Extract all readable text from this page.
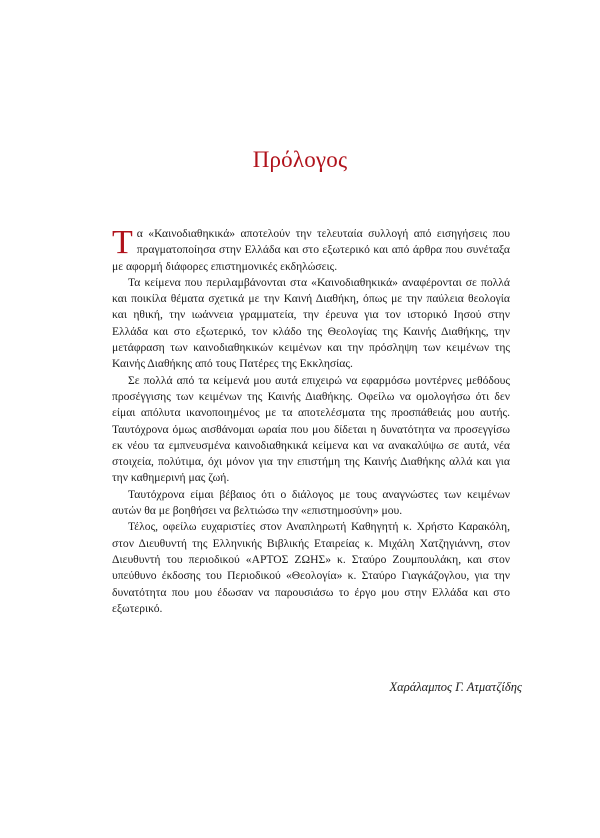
Πρόλογος

Τα «Καινοδιαθηκικά» αποτελούν την τελευταία συλλογή από εισηγήσεις που πραγματοποίησα στην Ελλάδα και στο εξωτερικό και από άρθρα που συνέταξα με αφορμή διάφορες επιστημονικές εκδηλώσεις.

Τα κείμενα που περιλαμβάνονται στα «Καινοδιαθηκικά» αναφέρονται σε πολλά και ποικίλα θέματα σχετικά με την Καινή Διαθήκη, όπως με την παύλεια θεολογία και ηθική, την ιωάννεια γραμματεία, την έρευνα για τον ιστορικό Ιησού στην Ελλάδα και στο εξωτερικό, τον κλάδο της Θεολογίας της Καινής Διαθήκης, την μετάφραση των καινοδιαθηκικών κειμένων και την πρόσληψη των κειμένων της Καινής Διαθήκης από τους Πατέρες της Εκκλησίας.

Σε πολλά από τα κείμενά μου αυτά επιχειρώ να εφαρμόσω μοντέρνες μεθόδους προσέγγισης των κειμένων της Καινής Διαθήκης. Οφείλω να ομολογήσω ότι δεν είμαι απόλυτα ικανοποιημένος με τα αποτελέσματα της προσπάθειάς μου αυτής. Ταυτόχρονα όμως αισθάνομαι ωραία που μου δίδεται η δυνατότητα να προσεγγίσω εκ νέου τα εμπνευσμένα καινοδιαθηκικά κείμενα και να ανακαλύψω σε αυτά, νέα στοιχεία, πολύτιμα, όχι μόνον για την επιστήμη της Καινής Διαθήκης αλλά και για την καθημερινή μας ζωή.

Ταυτόχρονα είμαι βέβαιος ότι ο διάλογος με τους αναγνώστες των κειμένων αυτών θα με βοηθήσει να βελτιώσω την «επιστημοσύνη» μου.

Τέλος, οφείλω ευχαριστίες στον Αναπληρωτή Καθηγητή κ. Χρήστο Καρακόλη, στον Διευθυντή της Ελληνικής Βιβλικής Εταιρείας κ. Μιχάλη Χατζηγιάννη, στον Διευθυντή του περιοδικού «ΑΡΤΟΣ ΖΩΗΣ» κ. Σταύρο Ζουμπουλάκη, και στον υπεύθυνο έκδοσης του Περιοδικού «Θεολογία» κ. Σταύρο Γιαγκάζογλου, για την δυνατότητα που μου έδωσαν να παρουσιάσω το έργο μου στην Ελλάδα και στο εξωτερικό.

Χαράλαμπος Γ. Ατματζίδης
